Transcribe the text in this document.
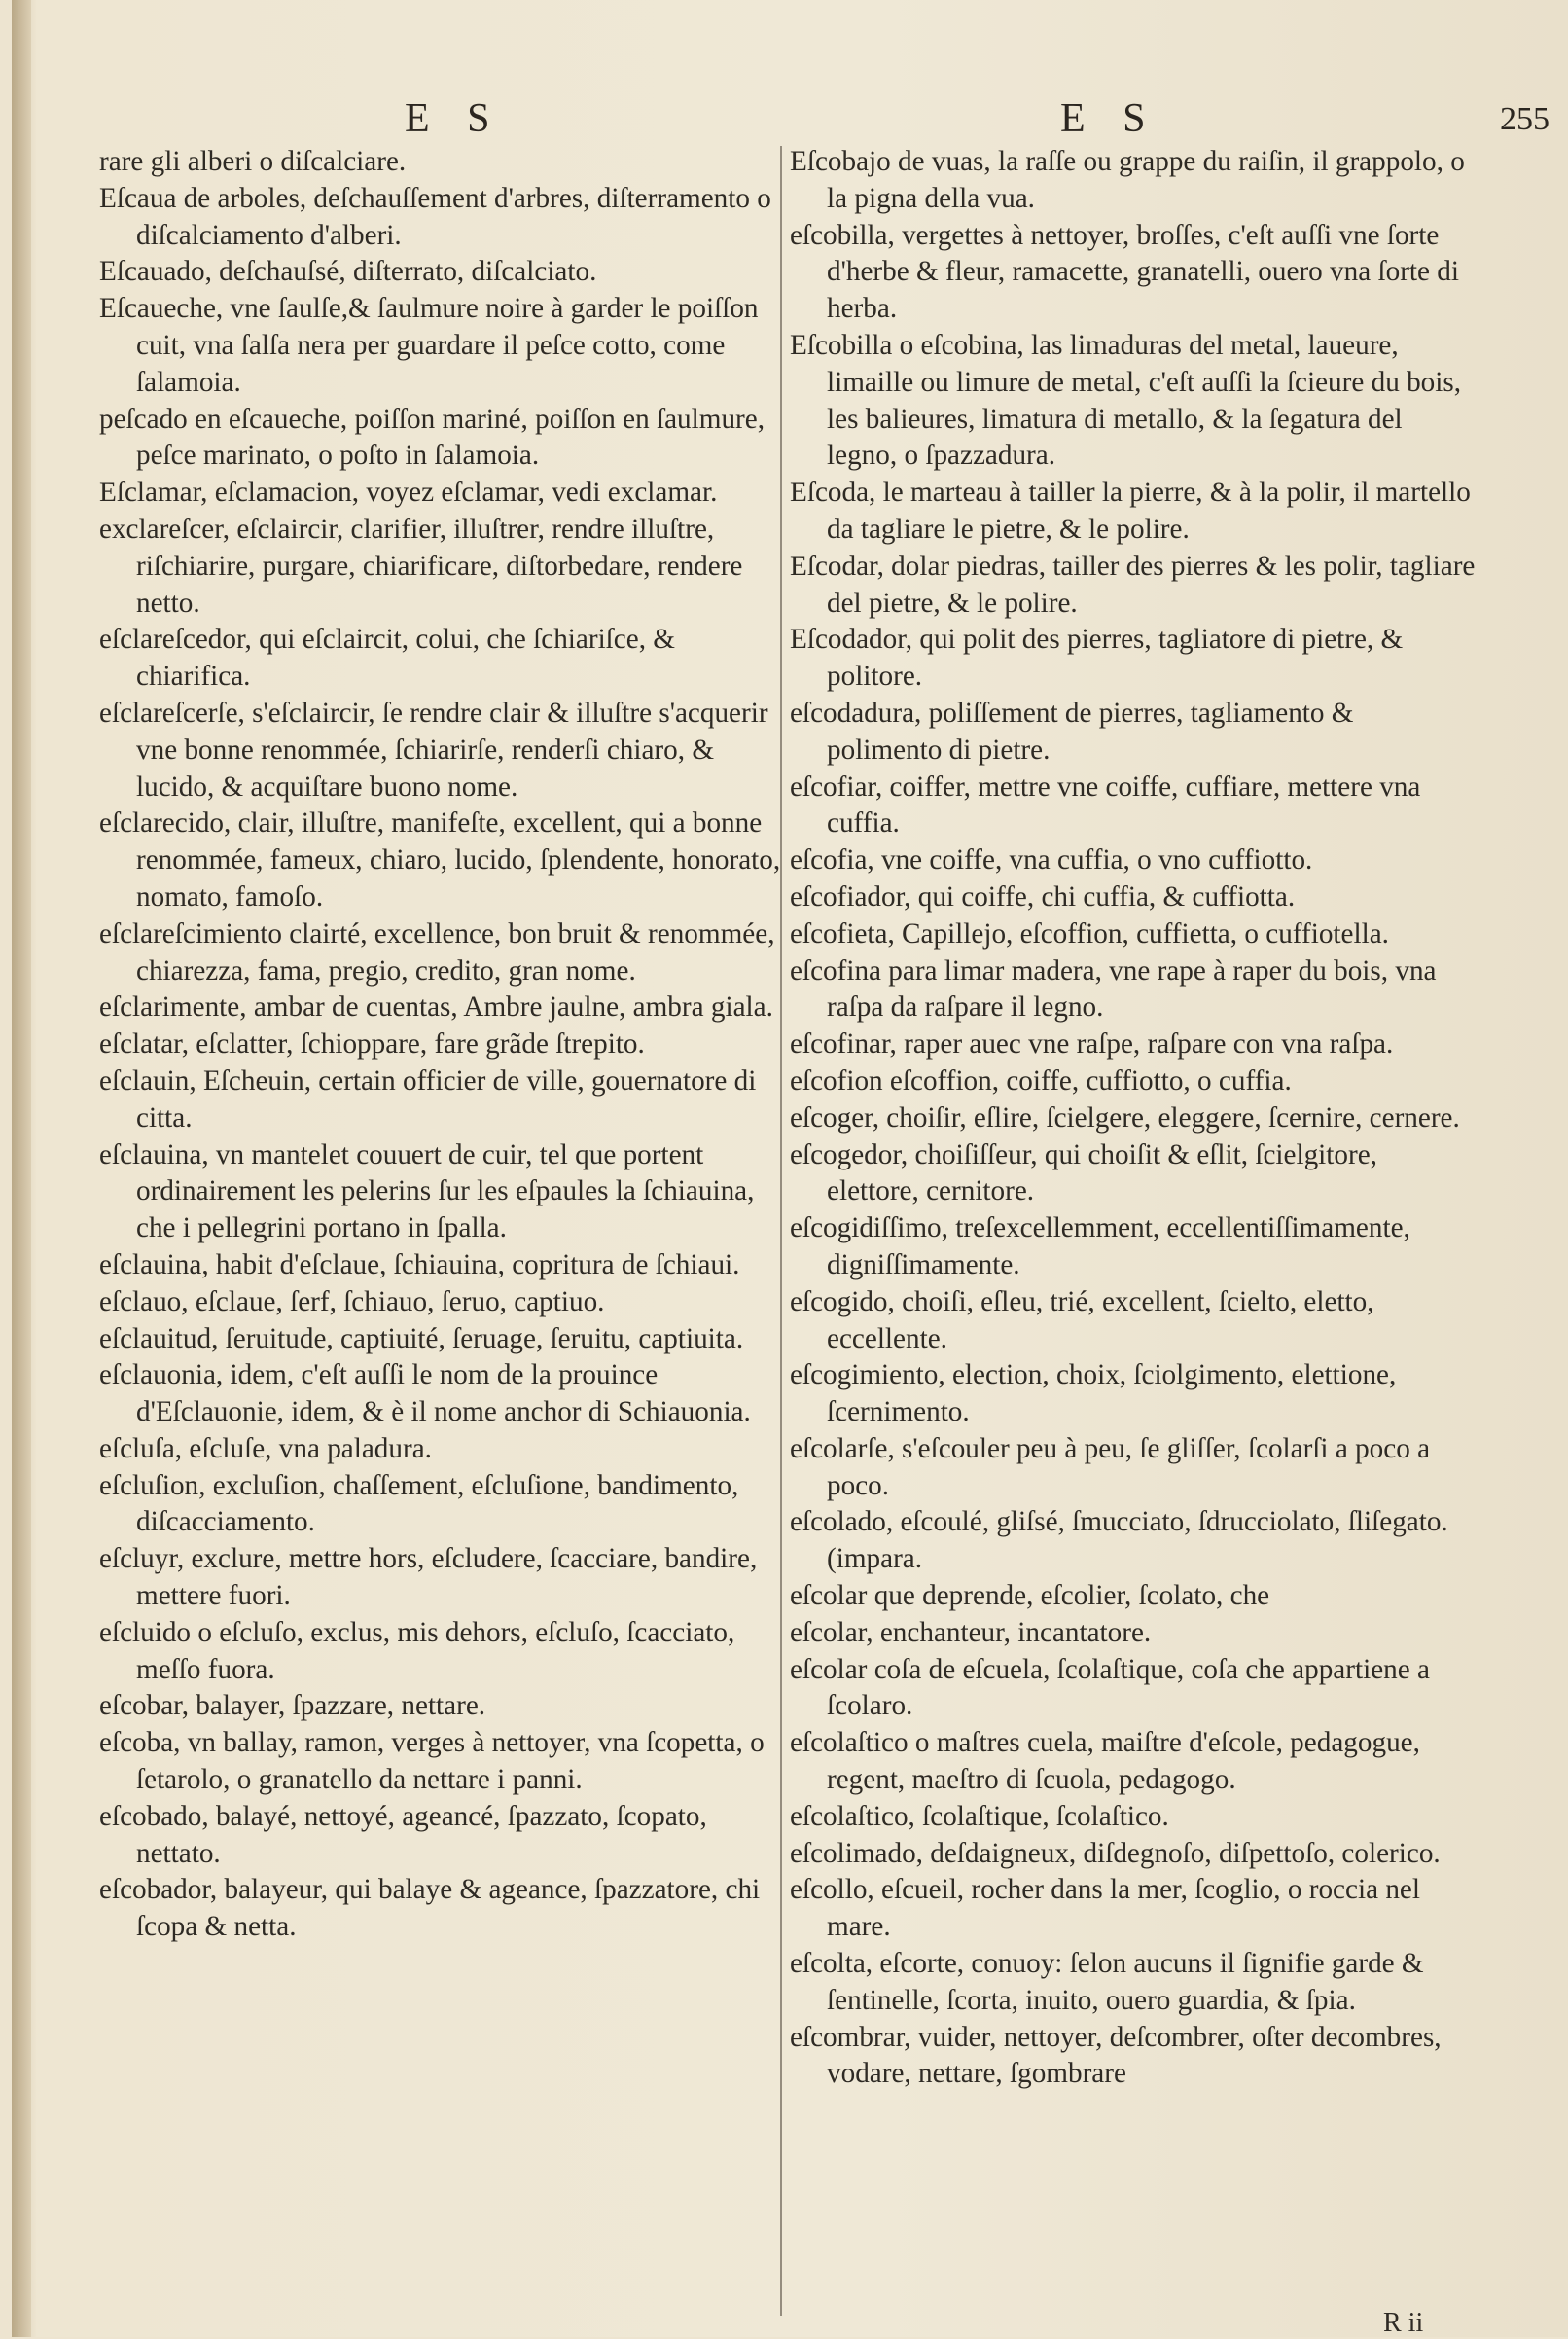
E S	E S	255

rare gli alberi o diſcalciare.

Eſcaua de arboles, deſchauſſement d'arbres, diſterramento o diſcalciamento d'alberi.

Eſcauado, deſchauſsé, diſterrato, diſcalciato.

Eſcaueche, vne ſaulſe,& ſaulmure noire à garder le poiſſon cuit, vna ſalſa nera per guardare il peſce cotto, come ſalamoia.

peſcado en eſcaueche, poiſſon mariné, poiſſon en ſaulmure, peſce marinato, o poſto in ſalamoia.

Eſclamar, eſclamacion, voyez eſclamar, vedi exclamar.

exclareſcer, eſclaircir, clarifier, illuſtrer, rendre illuſtre, riſchiarire, purgare, chiarificare, diſtorbedare, rendere netto.

eſclareſcedor, qui eſclaircit, colui, che ſchiariſce, & chiarifica.

eſclareſcerſe, s'eſclaircir, ſe rendre clair & illuſtre s'acquerir vne bonne renommée, ſchiarirſe, renderſi chiaro, & lucido, & acquiſtare buono nome.

eſclarecido, clair, illuſtre, manifeſte, excellent, qui a bonne renommée, fameux, chiaro, lucido, ſplendente, honorato, nomato, famoſo.

eſclareſcimiento clairté, excellence, bon bruit & renommée, chiarezza, fama, pregio, credito, gran nome.

eſclarimente, ambar de cuentas, Ambre jaulne, ambra giala.

eſclatar, eſclatter, ſchioppare, fare grãde ſtrepito.

eſclauin, Eſcheuin, certain officier de ville, gouernatore di citta.

eſclauina, vn mantelet couuert de cuir, tel que portent ordinairement les pelerins ſur les eſpaules la ſchiauina, che i pellegrini portano in ſpalla.

eſclauina, habit d'eſclaue, ſchiauina, copritura de ſchiaui.

eſclauo, eſclaue, ſerf, ſchiauo, ſeruo, captiuo.

eſclauitud, ſeruitude, captiuité, ſeruage, ſeruitu, captiuita.

eſclauonia, idem, c'eſt auſſi le nom de la prouince d'Eſclauonie, idem, & è il nome anchor di Schiauonia.

eſcluſa, eſcluſe, vna paladura.

eſcluſion, excluſion, chaſſement, eſcluſione, bandimento, diſcacciamento.

eſcluyr, exclure, mettre hors, eſcludere, ſcacciare, bandire, mettere fuori.

eſcluido o eſcluſo, exclus, mis dehors, eſcluſo, ſcacciato, meſſo fuora.

eſcobar, balayer, ſpazzare, nettare.

eſcoba, vn ballay, ramon, verges à nettoyer, vna ſcopetta, o ſetarolo, o granatello da nettare i panni.

eſcobado, balayé, nettoyé, ageancé, ſpazzato, ſcopato, nettato.

eſcobador, balayeur, qui balaye & ageance, ſpazzatore, chi ſcopa & netta.

Eſcobajo de vuas, la raſſe ou grappe du raiſin, il grappolo, o la pigna della vua.

eſcobilla, vergettes à nettoyer, broſſes, c'eſt auſſi vne ſorte d'herbe & fleur, ramacette, granatelli, ouero vna ſorte di herba.

Eſcobilla o eſcobina, las limaduras del metal, laueure, limaille ou limure de metal, c'eſt auſſi la ſcieure du bois, les balieures, limatura di metallo, & la ſegatura del legno, o ſpazzadura.

Eſcoda, le marteau à tailler la pierre, & à la polir, il martello da tagliare le pietre, & le polire.

Eſcodar, dolar piedras, tailler des pierres & les polir, tagliare del pietre, & le polire.

Eſcodador, qui polit des pierres, tagliatore di pietre, & politore.

eſcodadura, poliſſement de pierres, tagliamento & polimento di pietre.

eſcofiar, coiffer, mettre vne coiffe, cuffiare, mettere vna cuffia.

eſcofia, vne coiffe, vna cuffia, o vno cuffiotto.

eſcofiador, qui coiffe, chi cuffia, & cuffiotta.

eſcofieta, Capillejo, eſcoffion, cuffietta, o cuffiotella.

eſcofina para limar madera, vne rape à raper du bois, vna raſpa da raſpare il legno.

eſcofinar, raper auec vne raſpe, raſpare con vna raſpa.

eſcofion eſcoffion, coiffe, cuffiotto, o cuffia.

eſcoger, choiſir, eſlire, ſcielgere, eleggere, ſcernire, cernere.

eſcogedor, choiſiſſeur, qui choiſit & eſlit, ſcielgitore, elettore, cernitore.

eſcogidiſſimo, treſexcellemment, eccellentiſſimamente, digniſſimamente.

eſcogido, choiſi, eſleu, trié, excellent, ſcielto, eletto, eccellente.

eſcogimiento, election, choix, ſciolgimento, elettione, ſcernimento.

eſcolarſe, s'eſcouler peu à peu, ſe gliſſer, ſcolarſi a poco a poco.

eſcolado, eſcoulé, gliſsé, ſmucciato, ſdrucciolato, ſliſegato. (impara.

eſcolar que deprende, eſcolier, ſcolato, che

eſcolar, enchanteur, incantatore.

eſcolar coſa de eſcuela, ſcolaſtique, coſa che appartiene a ſcolaro.

eſcolaſtico o maſtres cuela, maiſtre d'eſcole, pedagogue, regent, maeſtro di ſcuola, pedagogo.

eſcolaſtico, ſcolaſtique, ſcolaſtico.

eſcolimado, deſdaigneux, diſdegnoſo, diſpettoſo, colerico.

eſcollo, eſcueil, rocher dans la mer, ſcoglio, o roccia nel mare.

eſcolta, eſcorte, conuoy: ſelon aucuns il ſignifie garde & ſentinelle, ſcorta, inuito, ouero guardia, & ſpia.

eſcombrar, vuider, nettoyer, deſcombrer, oſter decombres, vodare, nettare, ſgombrare

R ii
